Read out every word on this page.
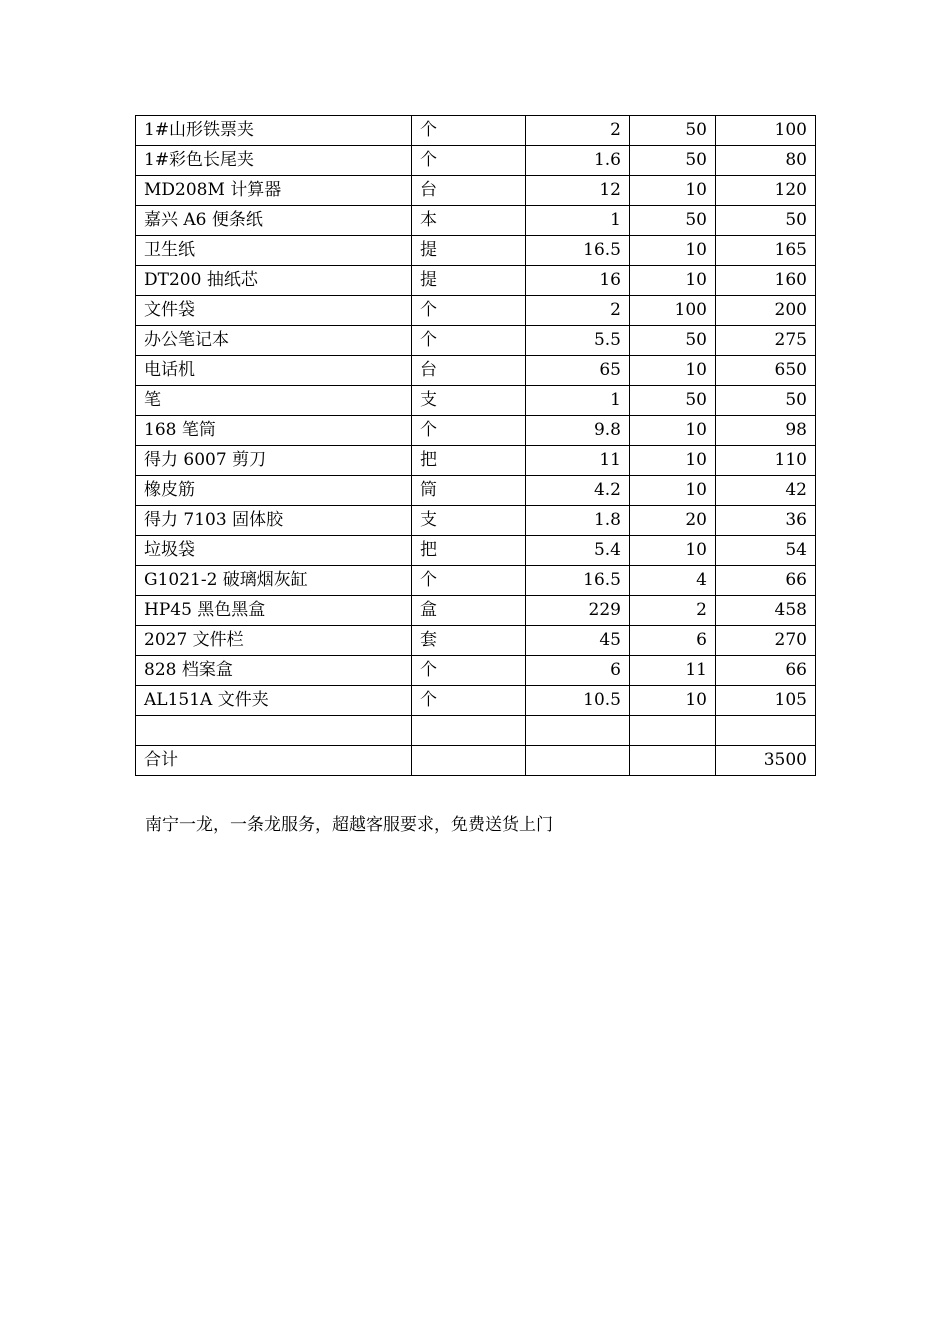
1#山形铁票夹	个	2	50	100
1#彩色长尾夹	个	1.6	50	80
MD208M 计算器	台	12	10	120
嘉兴 A6 便条纸	本	1	50	50
卫生纸	提	16.5	10	165
DT200 抽纸芯	提	16	10	160
文件袋	个	2	100	200
办公笔记本	个	5.5	50	275
电话机	台	65	10	650
笔	支	1	50	50
168 笔筒	个	9.8	10	98
得力 6007 剪刀	把	11	10	110
橡皮筋	筒	4.2	10	42
得力 7103 固体胶	支	1.8	20	36
垃圾袋	把	5.4	10	54
G1021-2 破璃烟灰缸	个	16.5	4	66
HP45 黑色黑盒	盒	229	2	458
2027 文件栏	套	45	6	270
828 档案盒	个	6	11	66
AL151A 文件夹	个	10.5	10	105

合计				3500
南宁一龙，一条龙服务，超越客服要求，免费送货上门
